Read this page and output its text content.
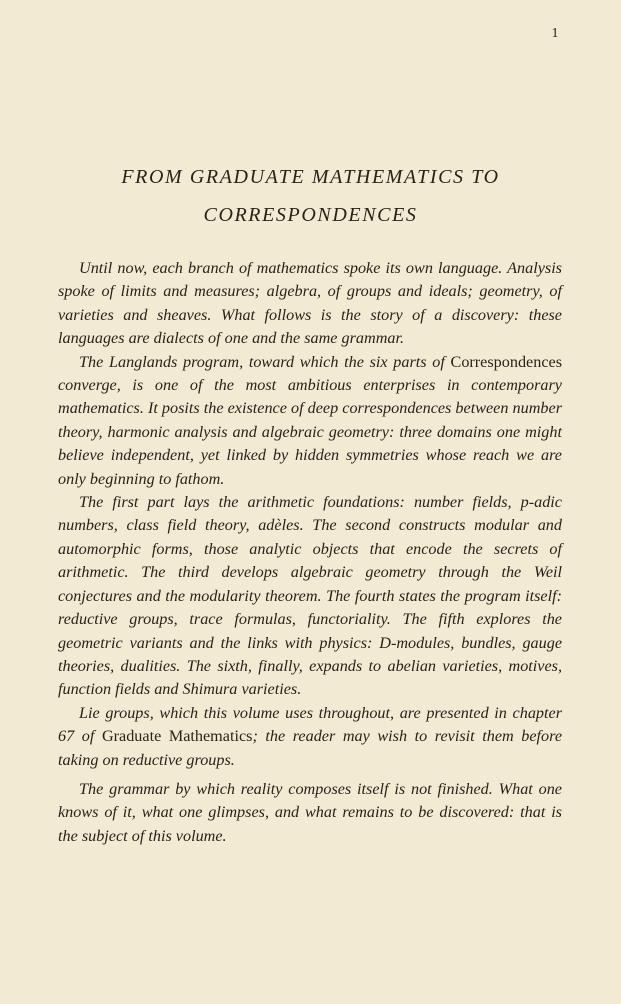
1
FROM GRADUATE MATHEMATICS TO
CORRESPONDENCES

Until now, each branch of mathematics spoke its own language. Analysis spoke of limits and measures; algebra, of groups and ideals; geometry, of varieties and sheaves. What follows is the story of a discovery: these languages are dialects of one and the same grammar.

The Langlands program, toward which the six parts of Correspondences converge, is one of the most ambitious enterprises in contemporary mathematics. It posits the existence of deep correspondences between number theory, harmonic analysis and algebraic geometry: three domains one might believe independent, yet linked by hidden symmetries whose reach we are only beginning to fathom.

The first part lays the arithmetic foundations: number fields, p-adic numbers, class field theory, adèles. The second constructs modular and automorphic forms, those analytic objects that encode the secrets of arithmetic. The third develops algebraic geometry through the Weil conjectures and the modularity theorem. The fourth states the program itself: reductive groups, trace formulas, functoriality. The fifth explores the geometric variants and the links with physics: D-modules, bundles, gauge theories, dualities. The sixth, finally, expands to abelian varieties, motives, function fields and Shimura varieties.

Lie groups, which this volume uses throughout, are presented in chapter 67 of Graduate Mathematics; the reader may wish to revisit them before taking on reductive groups.

The grammar by which reality composes itself is not finished. What one knows of it, what one glimpses, and what remains to be discovered: that is the subject of this volume.
